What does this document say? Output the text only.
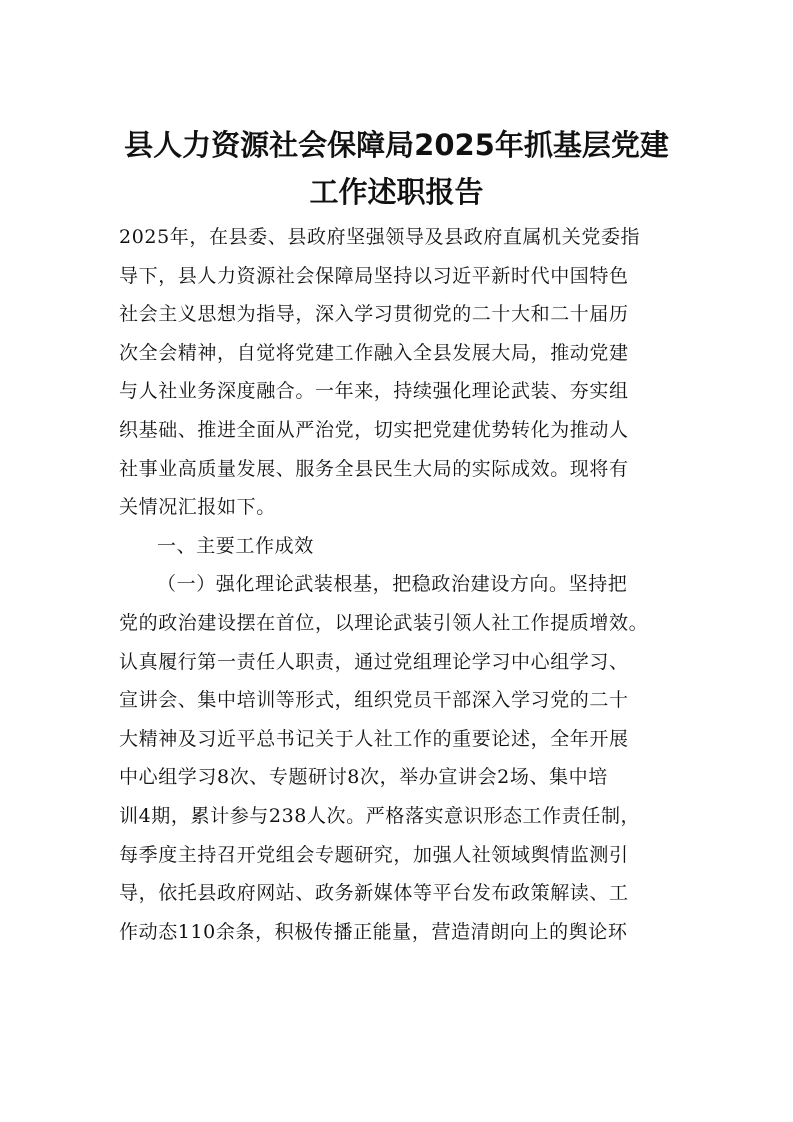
县人力资源社会保障局2025年抓基层党建
工作述职报告
2025年，在县委、县政府坚强领导及县政府直属机关党委指
导下，县人力资源社会保障局坚持以习近平新时代中国特色
社会主义思想为指导，深入学习贯彻党的二十大和二十届历
次全会精神，自觉将党建工作融入全县发展大局，推动党建
与人社业务深度融合。一年来，持续强化理论武装、夯实组
织基础、推进全面从严治党，切实把党建优势转化为推动人
社事业高质量发展、服务全县民生大局的实际成效。现将有
关情况汇报如下。
一、主要工作成效
（一）强化理论武装根基，把稳政治建设方向。坚持把
党的政治建设摆在首位，以理论武装引领人社工作提质增效。
认真履行第一责任人职责，通过党组理论学习中心组学习、
宣讲会、集中培训等形式，组织党员干部深入学习党的二十
大精神及习近平总书记关于人社工作的重要论述，全年开展
中心组学习8次、专题研讨8次，举办宣讲会2场、集中培
训4期，累计参与238人次。严格落实意识形态工作责任制，
每季度主持召开党组会专题研究，加强人社领域舆情监测引
导，依托县政府网站、政务新媒体等平台发布政策解读、工
作动态110余条，积极传播正能量，营造清朗向上的舆论环
